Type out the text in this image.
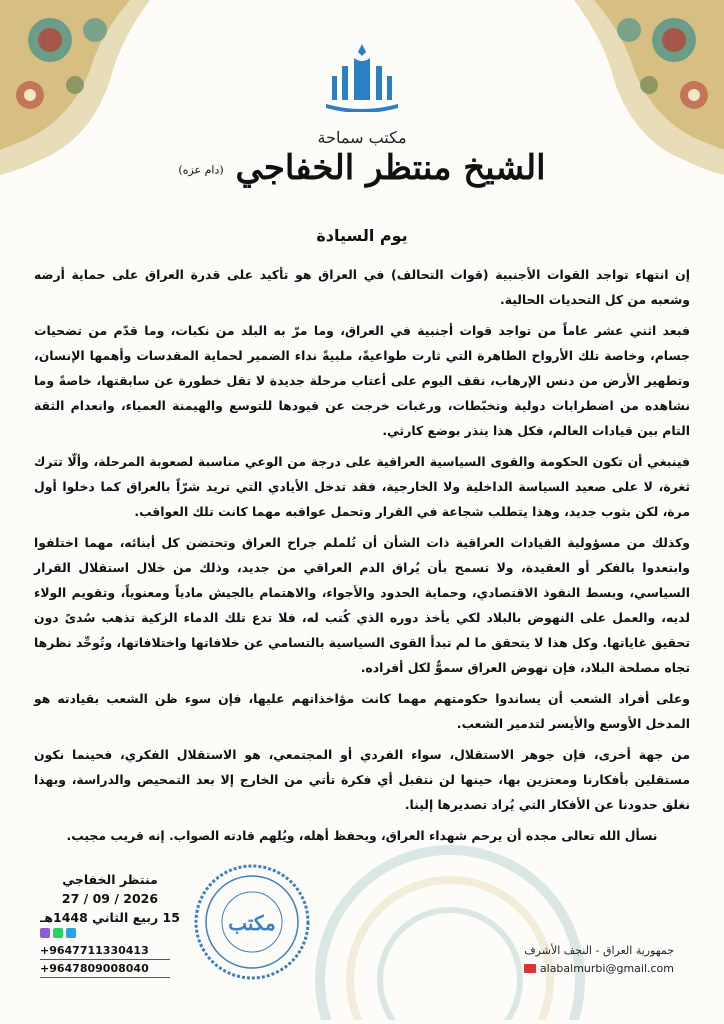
مكتب سماحة
(دام عزه) الشيخ منتظر الخفاجي
يوم السيادة

إن انتهاء تواجد القوات الأجنبية (قوات التحالف) في العراق هو تأكيد على قدرة العراق على حماية أرضه وشعبه من كل التحديات الحالية.

فبعد اثني عشر عاماً من تواجد قوات أجنبية في العراق، وما مرّ به البلد من نكبات، وما قدّم من تضحيات جسام، وخاصة تلك الأرواح الطاهرة التي ثارت طواعيةً، ملبيةً نداء الضمير لحماية المقدسات وأهمها الإنسان، وتطهير الأرض من دنس الإرهاب، نقف اليوم على أعتاب مرحلة جديدة لا تقل خطورة عن سابقتها، خاصةً وما نشاهده من اضطرابات دولية وتخبّطات، ورغبات خرجت عن قيودها للتوسع والهيمنة العمياء، وانعدام الثقة التام بين قيادات العالم، فكل هذا ينذر بوضع كارثي.

فينبغي أن تكون الحكومة والقوى السياسية العراقية على درجة من الوعي مناسبة لصعوبة المرحلة، وألّا تترك ثغرة، لا على صعيد السياسة الداخلية ولا الخارجية، فقد تدخل الأيادي التي تريد شرّاً بالعراق كما دخلوا أول مرة، لكن بثوب جديد، وهذا يتطلب شجاعة في القرار وتحمل عواقبه مهما كانت تلك العواقب.

وكذلك من مسؤولية القيادات العراقية ذات الشأن أن تُلملم جراح العراق وتحتضن كل أبنائه، مهما اختلفوا وابتعدوا بالفكر أو العقيدة، ولا تسمح بأن يُراق الدم العراقي من جديد، وذلك من خلال استقلال القرار السياسي، وبسط النفوذ الاقتصادي، وحماية الحدود والأجواء، والاهتمام بالجيش مادياً ومعنوياً، وتقويم الولاء لديه، والعمل على النهوض بالبلاد لكي يأخذ دوره الذي كُتب له، فلا تدع تلك الدماء الزكية تذهب سُدىً دون تحقيق غاياتها. وكل هذا لا يتحقق ما لم تبدأ القوى السياسية بالتسامي عن خلافاتها واختلافاتها، وتُوحِّد نظرها تجاه مصلحة البلاد، فإن نهوض العراق سموٌّ لكل أفراده.

وعلى أفراد الشعب أن يساندوا حكومتهم مهما كانت مؤاخذاتهم عليها، فإن سوء ظن الشعب بقيادته هو المدخل الأوسع والأيسر لتدمير الشعب.

من جهة أخرى، فإن جوهر الاستقلال، سواء الفردي أو المجتمعي، هو الاستقلال الفكري، فحينما نكون مستقلين بأفكارنا ومعتزين بها، حينها لن نتقبل أي فكرة تأتي من الخارج إلا بعد التمحيص والدراسة، وبهذا نغلق حدودنا عن الأفكار التي يُراد تصديرها إلينا.

نسأل الله تعالى مجده أن يرحم شهداء العراق، ويحفظ أهله، ويُلهم قادته الصواب. إنه قريب مجيب.

منتظر الخفاجي
2026 / 09 / 27
15 ربيع الثاني 1448هـ مكتب
+9647711330413
+9647809008040
جمهورية العراق - النجف الأشرف
alabalmurbi@gmail.com
